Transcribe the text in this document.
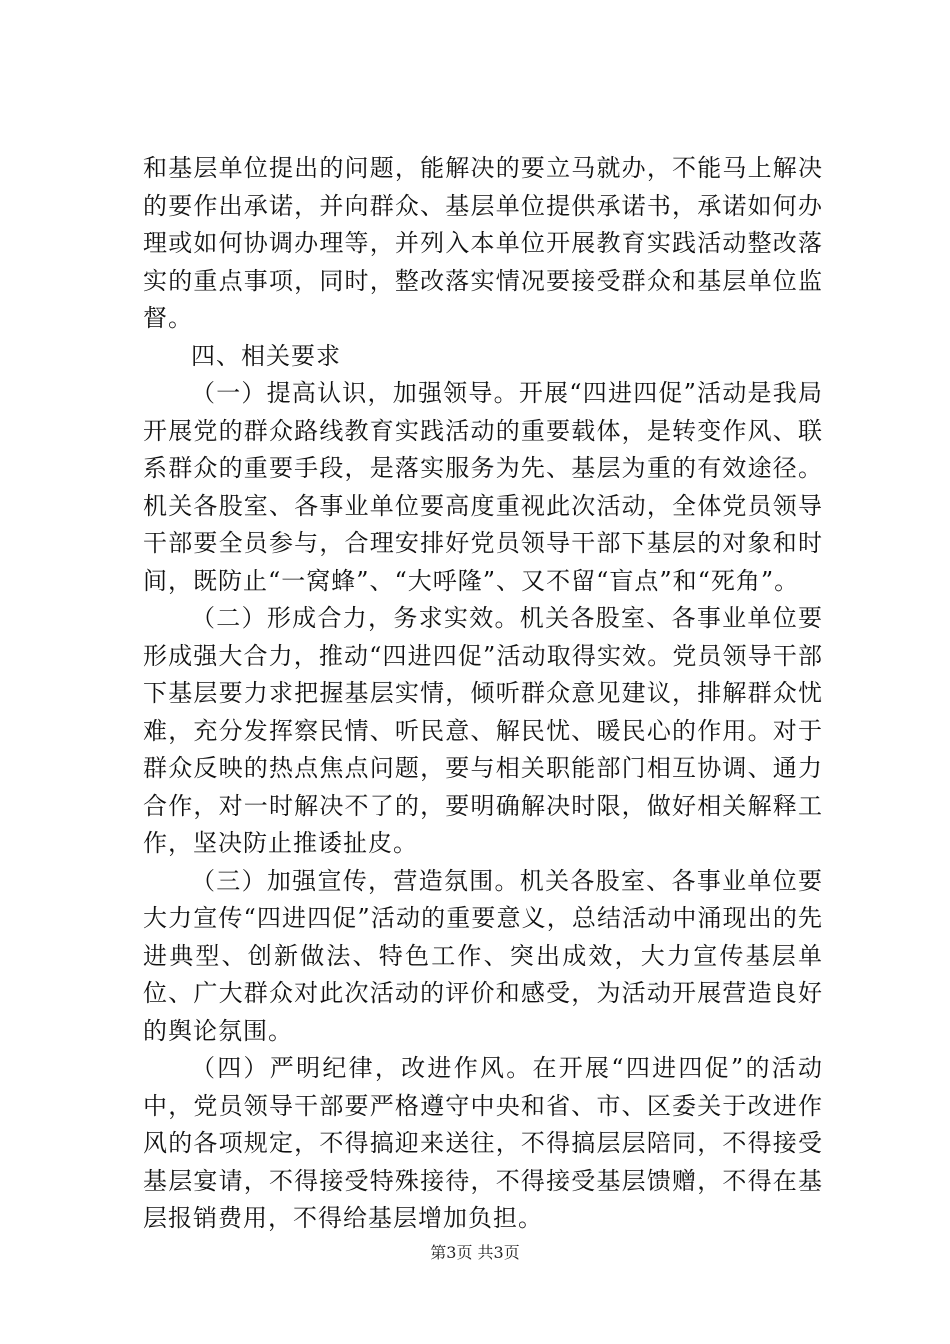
和基层单位提出的问题，能解决的要立马就办，不能马上解决的要作出承诺，并向群众、基层单位提供承诺书，承诺如何办理或如何协调办理等，并列入本单位开展教育实践活动整改落实的重点事项，同时，整改落实情况要接受群众和基层单位监督。

四、相关要求

（一）提高认识，加强领导。开展“四进四促”活动是我局开展党的群众路线教育实践活动的重要载体，是转变作风、联系群众的重要手段，是落实服务为先、基层为重的有效途径。机关各股室、各事业单位要高度重视此次活动，全体党员领导干部要全员参与，合理安排好党员领导干部下基层的对象和时间，既防止“一窝蜂”、“大呼隆”、又不留“盲点”和“死角”。

（二）形成合力，务求实效。机关各股室、各事业单位要形成强大合力，推动“四进四促”活动取得实效。党员领导干部下基层要力求把握基层实情，倾听群众意见建议，排解群众忧难，充分发挥察民情、听民意、解民忧、暖民心的作用。对于群众反映的热点焦点问题，要与相关职能部门相互协调、通力合作，对一时解决不了的，要明确解决时限，做好相关解释工作，坚决防止推诿扯皮。

（三）加强宣传，营造氛围。机关各股室、各事业单位要大力宣传“四进四促”活动的重要意义，总结活动中涌现出的先进典型、创新做法、特色工作、突出成效，大力宣传基层单位、广大群众对此次活动的评价和感受，为活动开展营造良好的舆论氛围。

（四）严明纪律，改进作风。在开展“四进四促”的活动中，党员领导干部要严格遵守中央和省、市、区委关于改进作风的各项规定，不得搞迎来送往，不得搞层层陪同，不得接受基层宴请，不得接受特殊接待，不得接受基层馈赠，不得在基层报销费用，不得给基层增加负担。

第3页 共3页
